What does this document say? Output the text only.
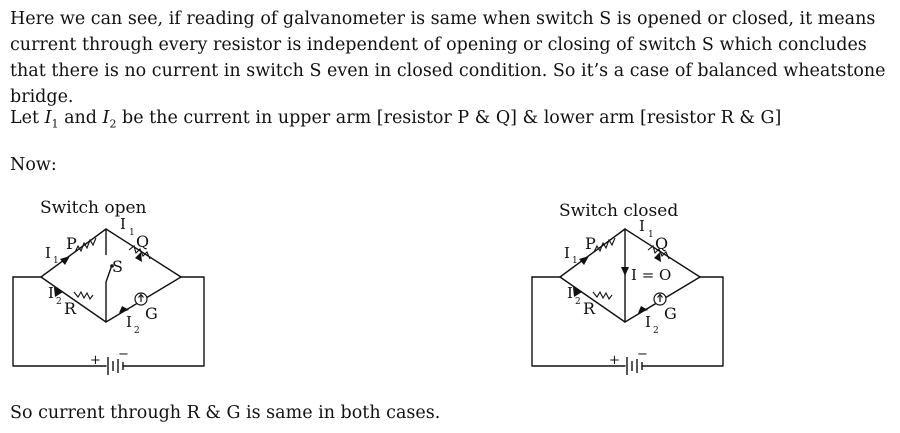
Here we can see, if reading of galvanometer is same when switch S is opened or closed, it means current through every resistor is independent of opening or closing of switch S which concludes that there is no current in switch S even in closed condition. So it’s a case of balanced wheatstone bridge.

Let $I_1$ and $I_2$ be the current in upper arm [resistor P & Q] & lower arm [resistor R & G]

Now:

Switch open
+ −
I 1
P
I 1 Q
S
I 2 R	G
I 2
Switch closed
+ −
I 1
P
I 1 Q
I = O
I 2 R	G
I 2

So current through R & G is same in both cases.
